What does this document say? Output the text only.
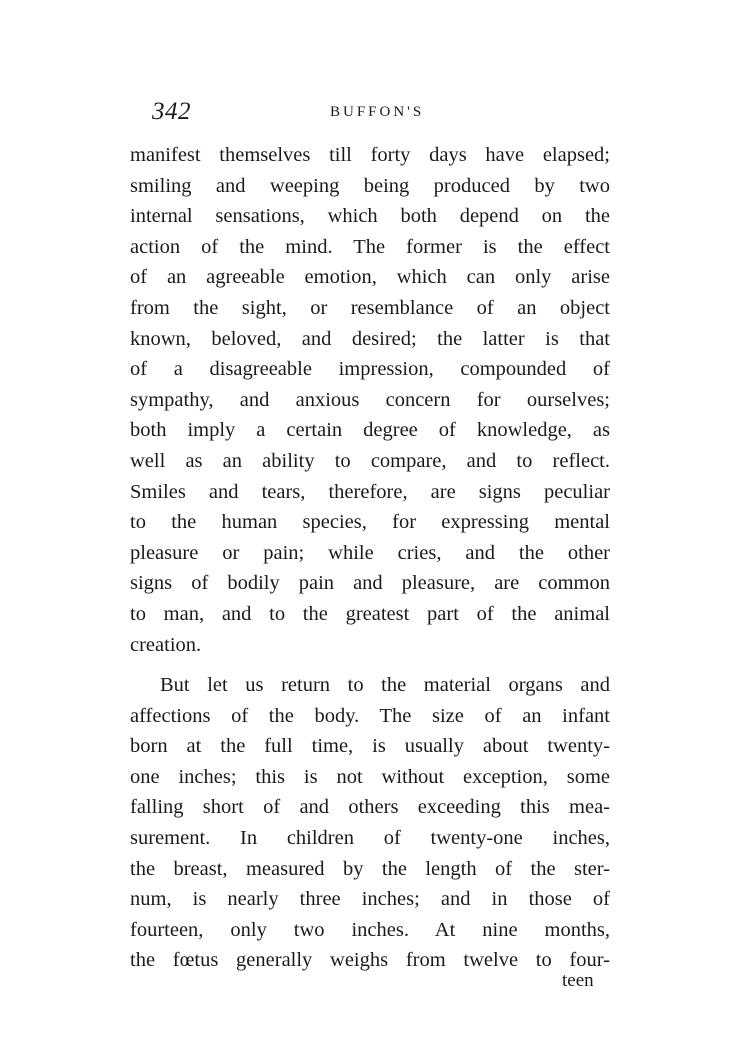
342	BUFFON'S
manifest themselves till forty days have elapsed;
smiling and weeping being produced by two
internal sensations, which both depend on the
action of the mind. The former is the effect
of an agreeable emotion, which can only arise
from the sight, or resemblance of an object
known, beloved, and desired; the latter is that
of a disagreeable impression, compounded of
sympathy, and anxious concern for ourselves;
both imply a certain degree of knowledge, as
well as an ability to compare, and to reflect.
Smiles and tears, therefore, are signs peculiar
to the human species, for expressing mental
pleasure or pain; while cries, and the other
signs of bodily pain and pleasure, are common
to man, and to the greatest part of the animal
creation.
But let us return to the material organs and
affections of the body. The size of an infant
born at the full time, is usually about twenty-
one inches; this is not without exception, some
falling short of and others exceeding this mea-
surement. In children of twenty-one inches,
the breast, measured by the length of the ster-
num, is nearly three inches; and in those of
fourteen, only two inches. At nine months,
the fœtus generally weighs from twelve to four-
teen
